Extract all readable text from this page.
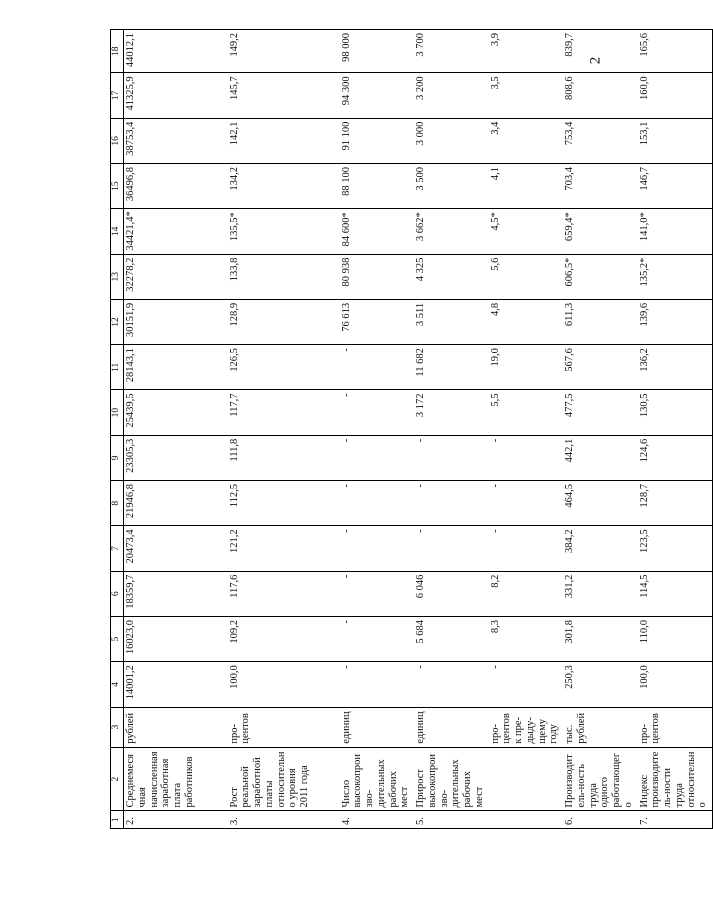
2
1	2	3	4	5	6	7	8	9	10	11	12	13	14	15	16	17	18
2.	Среднемесячная начисленная заработная плата работников	рублей	14001,2	16023,0	18359,7	20473,4	21946,8	23305,3	25439,5	28143,1	30151,9	32278,2	34421,4*	36496,8	38753,4	41325,9	44012,1
3.	Рост реальной заработной платы относительно уровня 2011 года	про-центов	100,0	109,2	117,6	121,2	112,5	111,8	117,7	126,5	128,9	133,8	135,5*	134,2	142,1	145,7	149,2
4.	Число высокопроизво-дительных рабочих мест	единиц	-	-	-	-	-	-	-	-	76 613	80 938	84 600*	88 100	91 100	94 300	98 000
5.	Прирост высокопроизво-дительных рабочих мест	единиц	-	5 684	6 046	-	-	-	3 172	11 682	3 511	4 325	3 662*	3 500	3 000	3 200	3 700
		про-центов к пре-дыду-щему году	-	8,3	8,2	-	-	-	5,5	19,0	4,8	5,6	4,5*	4,1	3,4	3,5	3,9
6.	Производитель-ность труда одного работающего	тыс. рублей	250,3	301,8	331,2	384,2	464,5	442,1	477,5	567,6	611,3	606,5*	659,4*	703,4	753,4	808,6	839,7
7.	Индекс производитель-ности труда относительно	про-центов	100,0	110,0	114,5	123,5	128,7	124,6	130,5	136,2	139,6	135,2*	141,0*	146,7	153,1	160,0	165,6
